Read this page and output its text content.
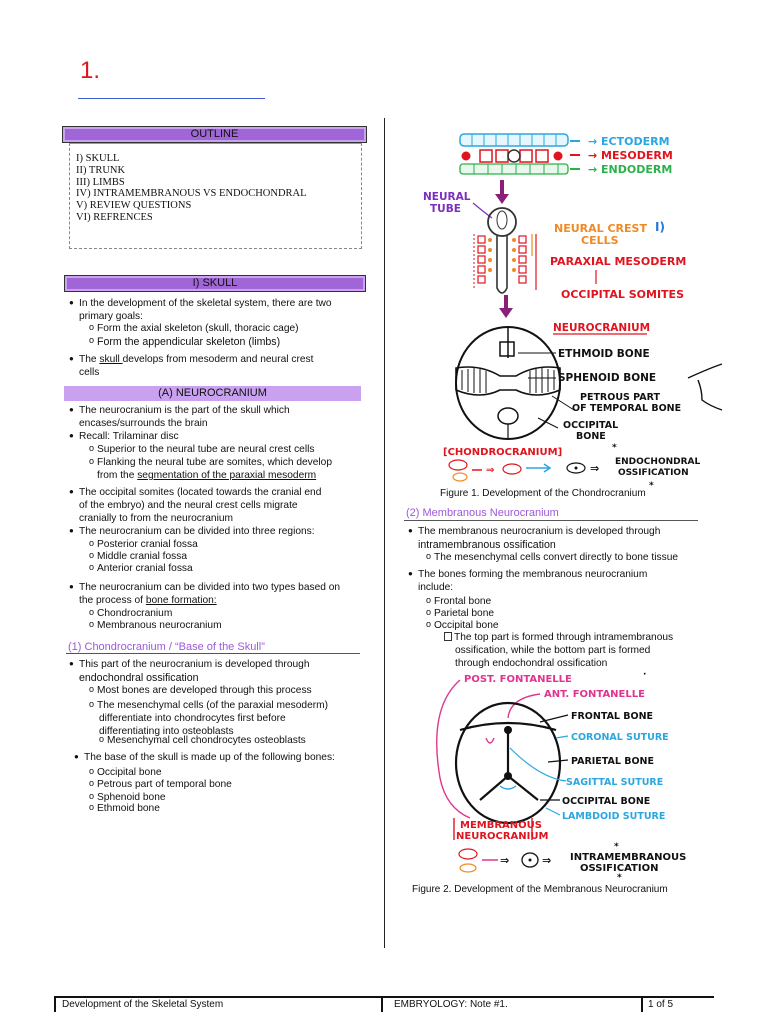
1.
OUTLINE
I) SKULL
II) TRUNK
III) LIMBS
IV) INTRAMEMBRANOUS VS ENDOCHONDRAL
V) REVIEW QUESTIONS
VI) REFRENCES
I) SKULL
● In the development of the skeletal system, there are two
primary goals:
o Form the axial skeleton (skull, thoracic cage)
o Form the appendicular skeleton (limbs)
● The skull develops from mesoderm and neural crest
cells
(A) NEUROCRANIUM
● The neurocranium is the part of the skull which
encases/surrounds the brain
● Recall: Trilaminar disc
o Superior to the neural tube are neural crest cells
o Flanking the neural tube are somites, which develop
from the segmentation of the paraxial mesoderm
● The occipital somites (located towards the cranial end
of the embryo) and the neural crest cells migrate
cranially to from the neurocranium
● The neurocranium can be divided into three regions:
o Posterior cranial fossa
o Middle cranial fossa
o Anterior cranial fossa
● The neurocranium can be divided into two types based on
the process of bone formation:
o Chondrocranium
o Membranous neurocranium
(1) Chondrocranium / “Base of the Skull”
● This part of the neurocranium is developed through
endochondral ossification
o Most bones are developed through this process
o The mesenchymal cells (of the paraxial mesoderm)
differentiate into chondrocytes first before
differentiating into osteoblasts
o Mesenchymal cell chondrocytes osteoblasts
● The base of the skull is made up of the following bones:
o Occipital bone
o Petrous part of temporal bone
o Sphenoid bone
o Ethmoid bone
→ ECTODERM
→ MESODERM
→ ENDODERM
NEURAL TUBE
NEURAL CREST CELLS
I)
PARAXIAL MESODERM
OCCIPITAL SOMITES
NEUROCRANIUM
ETHMOID BONE
SPHENOID BONE
PETROUS PART OF TEMPORAL BONE
OCCIPITAL BONE
[CHONDROCRANIUM]
⇒	⇒
*
ENDOCHONDRAL OSSIFICATION
*
Figure 1. Development of the Chondrocranium
(2) Membranous Neurocranium
● The membranous neurocranium is developed through
intramembranous ossification
o The mesenchymal cells convert directly to bone tissue
● The bones forming the membranous neurocranium
include:
o Frontal bone
o Parietal bone
o Occipital bone
The top part is formed through intramembranous
ossification, while the bottom part is formed
through endochondral ossification
POST. FONTANELLE
ANT. FONTANELLE
·
FRONTAL BONE
CORONAL SUTURE
PARIETAL BONE
SAGITTAL SUTURE
OCCIPITAL BONE
LAMBDOID SUTURE
MEMBRANOUS NEUROCRANIUM
⇒	⇒
*
INTRAMEMBRANOUS OSSIFICATION
*
Figure 2. Development of the Membranous Neurocranium
Development of the Skeletal System	EMBRYOLOGY: Note #1.	1 of 5
